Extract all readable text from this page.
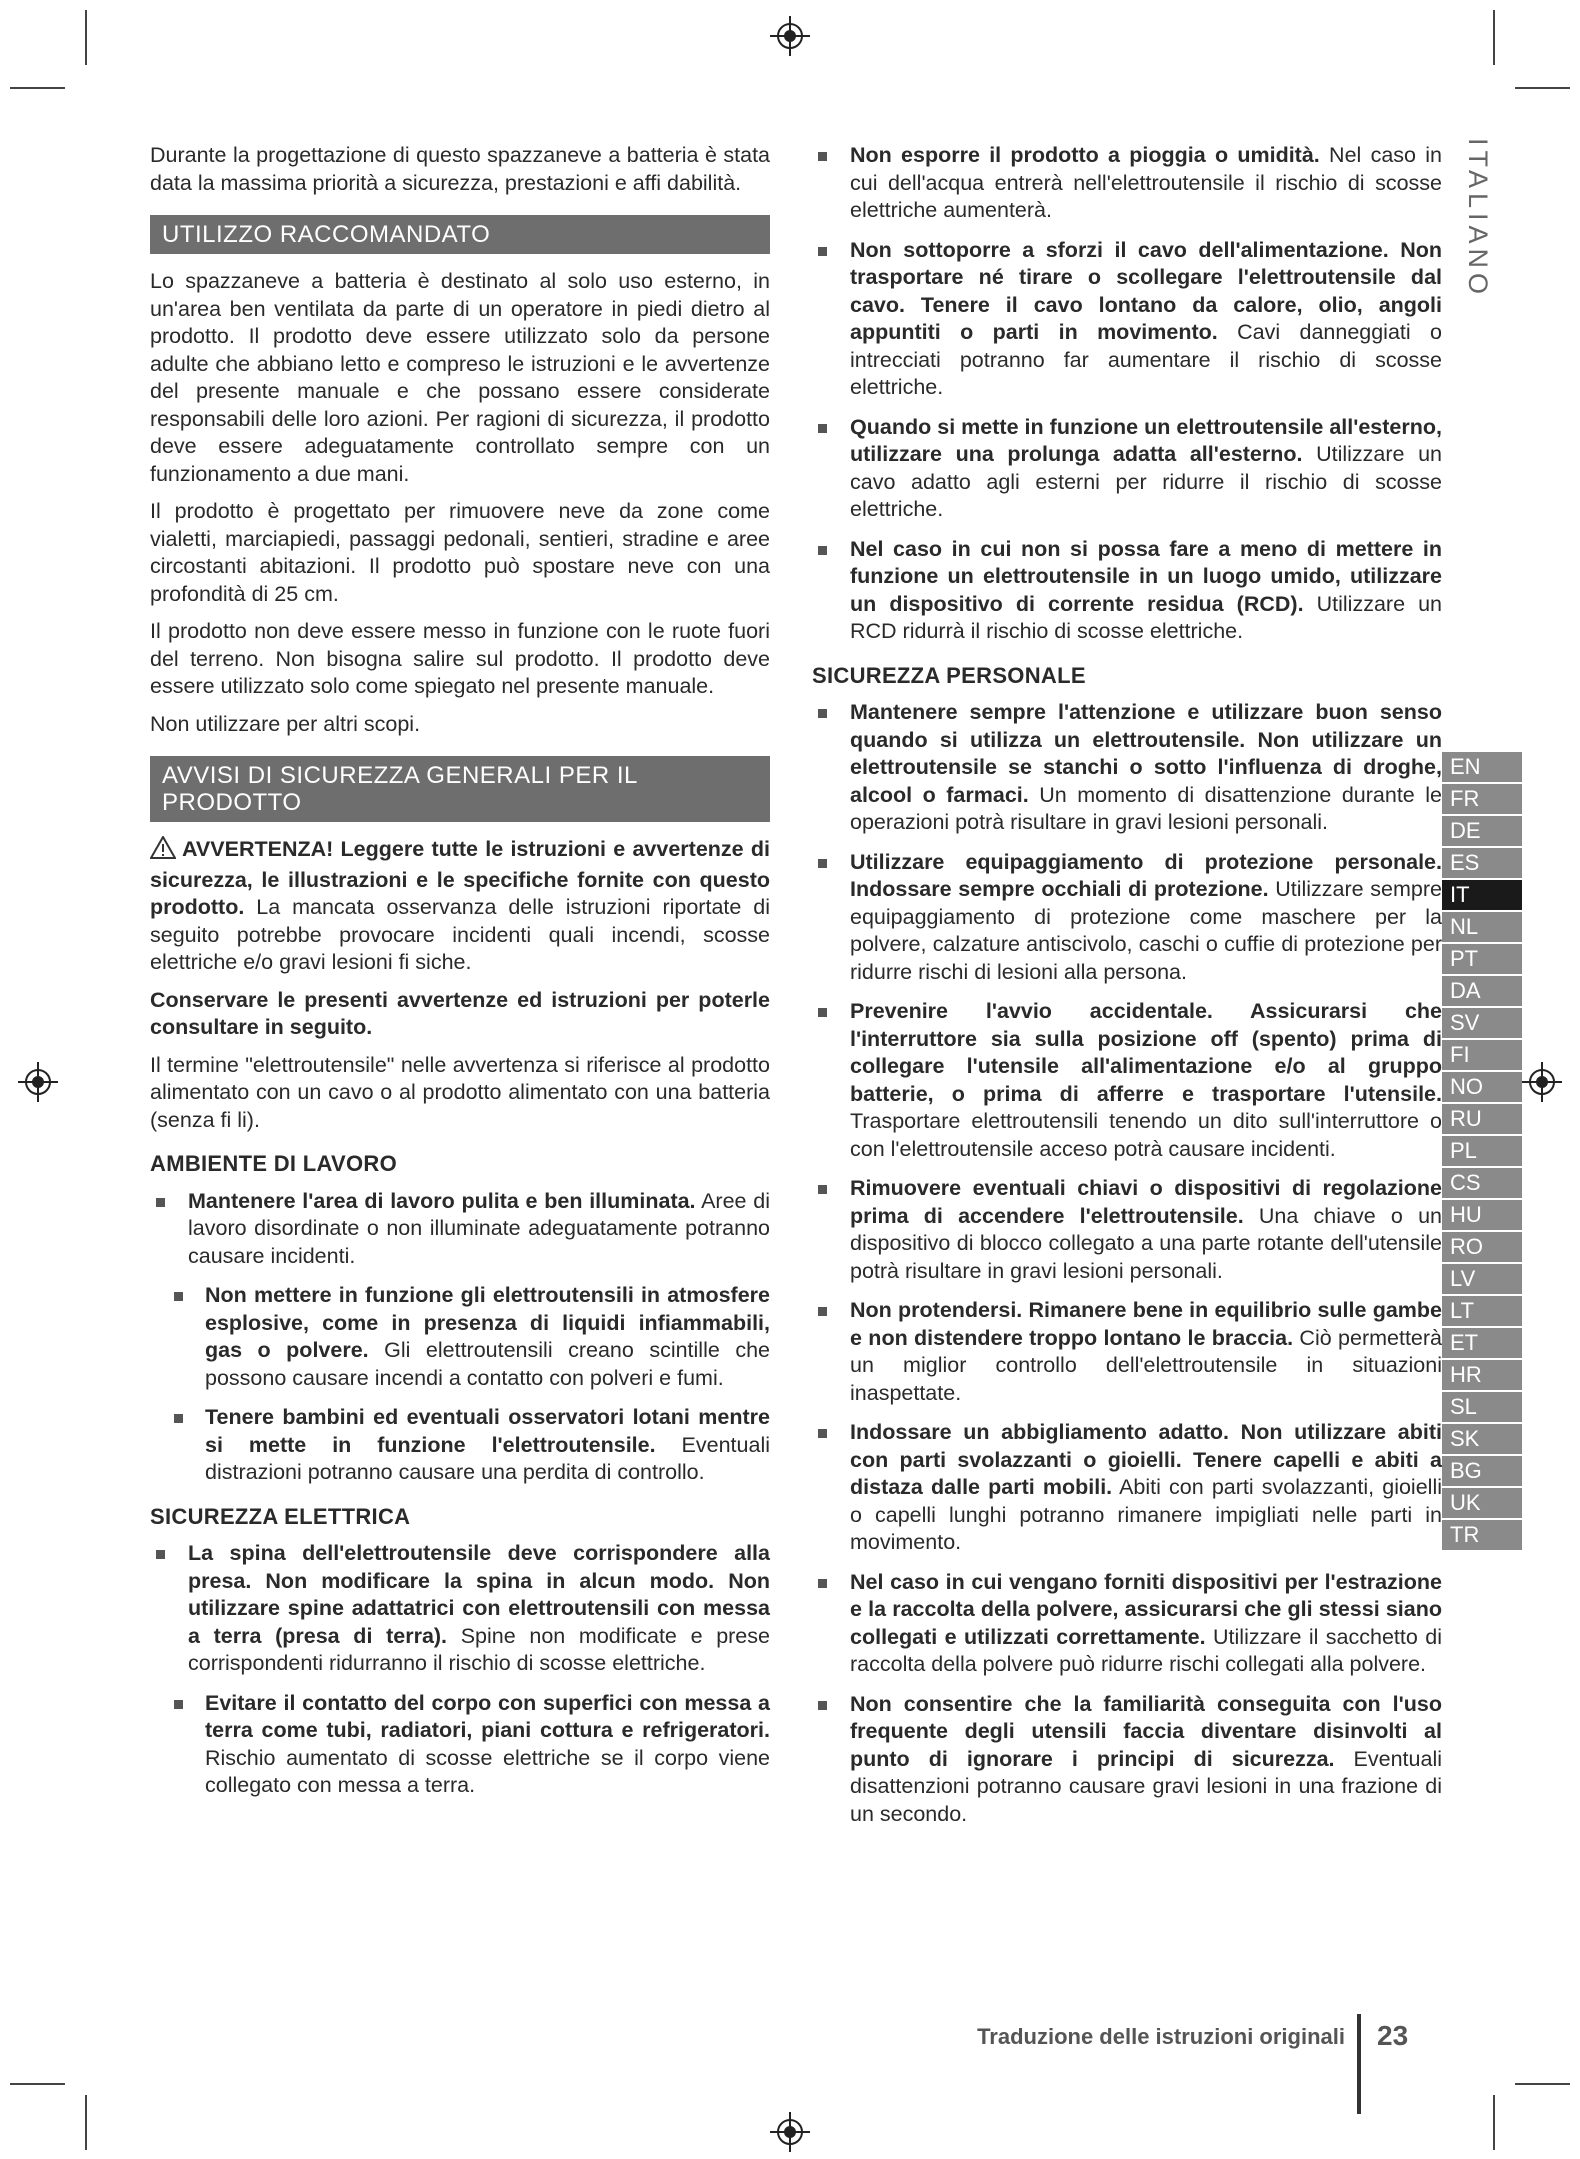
Durante la progettazione di questo spazzaneve a batteria è stata data la massima priorità a sicurezza, prestazioni e affi dabilità.

UTILIZZO RACCOMANDATO

Lo spazzaneve a batteria è destinato al solo uso esterno, in un'area ben ventilata da parte di un operatore in piedi dietro al prodotto. Il prodotto deve essere utilizzato solo da persone adulte che abbiano letto e compreso le istruzioni e le avvertenze del presente manuale e che possano essere considerate responsabili delle loro azioni. Per ragioni di sicurezza, il prodotto deve essere adeguatamente controllato sempre con un funzionamento a due mani.

Il prodotto è progettato per rimuovere neve da zone come vialetti, marciapiedi, passaggi pedonali, sentieri, stradine e aree circostanti abitazioni. Il prodotto può spostare neve con una profondità di 25 cm.

Il prodotto non deve essere messo in funzione con le ruote fuori del terreno. Non bisogna salire sul prodotto. Il prodotto deve essere utilizzato solo come spiegato nel presente manuale.

Non utilizzare per altri scopi.

AVVISI DI SICUREZZA GENERALI PER IL
PRODOTTO

AVVERTENZA! Leggere tutte le istruzioni e avvertenze di sicurezza, le illustrazioni e le specifiche fornite con questo prodotto. La mancata osservanza delle istruzioni riportate di seguito potrebbe provocare incidenti quali incendi, scosse elettriche e/o gravi lesioni fi siche.

Conservare le presenti avvertenze ed istruzioni per poterle consultare in seguito.

Il termine "elettroutensile" nelle avvertenza si riferisce al prodotto alimentato con un cavo o al prodotto alimentato con una batteria (senza fi li).

AMBIENTE DI LAVORO
Mantenere l'area di lavoro pulita e ben illuminata. Aree di lavoro disordinate o non illuminate adeguatamente potranno causare incidenti.
Non mettere in funzione gli elettroutensili in atmosfere esplosive, come in presenza di liquidi infiammabili, gas o polvere. Gli elettroutensili creano scintille che possono causare incendi a contatto con polveri e fumi.
Tenere bambini ed eventuali osservatori lotani mentre si mette in funzione l'elettroutensile. Eventuali distrazioni potranno causare una perdita di controllo.
SICUREZZA ELETTRICA
La spina dell'elettroutensile deve corrispondere alla presa. Non modificare la spina in alcun modo. Non utilizzare spine adattatrici con elettroutensili con messa a terra (presa di terra). Spine non modificate e prese corrispondenti ridurranno il rischio di scosse elettriche.
Evitare il contatto del corpo con superfici con messa a terra come tubi, radiatori, piani cottura e refrigeratori. Rischio aumentato di scosse elettriche se il corpo viene collegato con messa a terra.
Non esporre il prodotto a pioggia o umidità. Nel caso in cui dell'acqua entrerà nell'elettroutensile il rischio di scosse elettriche aumenterà.
Non sottoporre a sforzi il cavo dell'alimentazione. Non trasportare né tirare o scollegare l'elettroutensile dal cavo. Tenere il cavo lontano da calore, olio, angoli appuntiti o parti in movimento. Cavi danneggiati o intrecciati potranno far aumentare il rischio di scosse elettriche.
Quando si mette in funzione un elettroutensile all'esterno, utilizzare una prolunga adatta all'esterno. Utilizzare un cavo adatto agli esterni per ridurre il rischio di scosse elettriche.
Nel caso in cui non si possa fare a meno di mettere in funzione un elettroutensile in un luogo umido, utilizzare un dispositivo di corrente residua (RCD). Utilizzare un RCD ridurrà il rischio di scosse elettriche.
SICUREZZA PERSONALE
Mantenere sempre l'attenzione e utilizzare buon senso quando si utilizza un elettroutensile. Non utilizzare un elettroutensile se stanchi o sotto l'influenza di droghe, alcool o farmaci. Un momento di disattenzione durante le operazioni potrà risultare in gravi lesioni personali.
Utilizzare equipaggiamento di protezione personale. Indossare sempre occhiali di protezione. Utilizzare sempre equipaggiamento di protezione come maschere per la polvere, calzature antiscivolo, caschi o cuffie di protezione per ridurre rischi di lesioni alla persona.
Prevenire l'avvio accidentale. Assicurarsi che l'interruttore sia sulla posizione off (spento) prima di collegare l'utensile all'alimentazione e/o al gruppo batterie, o prima di afferre e trasportare l'utensile. Trasportare elettroutensili tenendo un dito sull'interruttore o con l'elettroutensile acceso potrà causare incidenti.
Rimuovere eventuali chiavi o dispositivi di regolazione prima di accendere l'elettroutensile. Una chiave o un dispositivo di blocco collegato a una parte rotante dell'utensile potrà risultare in gravi lesioni personali.
Non protendersi. Rimanere bene in equilibrio sulle gambe e non distendere troppo lontano le braccia. Ciò permetterà un miglior controllo dell'elettroutensile in situazioni inaspettate.
Indossare un abbigliamento adatto. Non utilizzare abiti con parti svolazzanti o gioielli. Tenere capelli e abiti a distaza dalle parti mobili. Abiti con parti svolazzanti, gioielli o capelli lunghi potranno rimanere impigliati nelle parti in movimento.
Nel caso in cui vengano forniti dispositivi per l'estrazione e la raccolta della polvere, assicurarsi che gli stessi siano collegati e utilizzati correttamente. Utilizzare il sacchetto di raccolta della polvere può ridurre rischi collegati alla polvere.
Non consentire che la familiarità conseguita con l'uso frequente degli utensili faccia diventare disinvolti al punto di ignorare i principi di sicurezza. Eventuali disattenzioni potranno causare gravi lesioni in una frazione di un secondo.
ITALIANO
EN
FR
DE
ES
IT
NL
PT
DA
SV
FI
NO
RU
PL
CS
HU
RO
LV
LT
ET
HR
SL
SK
BG
UK
TR
Traduzione delle istruzioni originali 23
